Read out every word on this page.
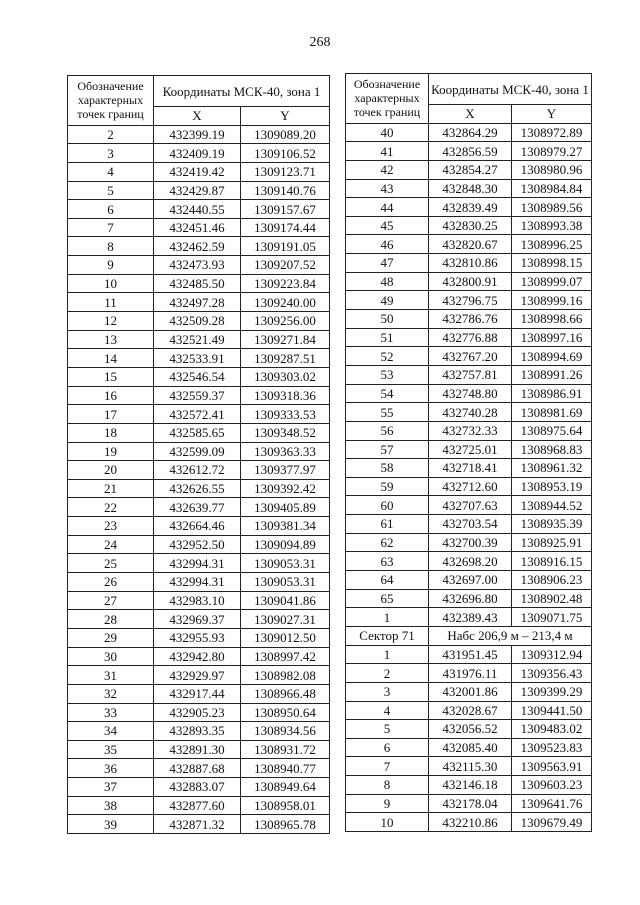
268
Обозначение характерных точек границ	Координаты МСК-40, зона 1	
	X	Y
2	432399.19	1309089.20
3	432409.19	1309106.52
4	432419.42	1309123.71
5	432429.87	1309140.76
6	432440.55	1309157.67
7	432451.46	1309174.44
8	432462.59	1309191.05
9	432473.93	1309207.52
10	432485.50	1309223.84
11	432497.28	1309240.00
12	432509.28	1309256.00
13	432521.49	1309271.84
14	432533.91	1309287.51
15	432546.54	1309303.02
16	432559.37	1309318.36
17	432572.41	1309333.53
18	432585.65	1309348.52
19	432599.09	1309363.33
20	432612.72	1309377.97
21	432626.55	1309392.42
22	432639.77	1309405.89
23	432664.46	1309381.34
24	432952.50	1309094.89
25	432994.31	1309053.31
26	432994.31	1309053.31
27	432983.10	1309041.86
28	432969.37	1309027.31
29	432955.93	1309012.50
30	432942.80	1308997.42
31	432929.97	1308982.08
32	432917.44	1308966.48
33	432905.23	1308950.64
34	432893.35	1308934.56
35	432891.30	1308931.72
36	432887.68	1308940.77
37	432883.07	1308949.64
38	432877.60	1308958.01
39	432871.32	1308965.78
Обозначение характерных точек границ	Координаты МСК-40, зона 1	
	X	Y
40	432864.29	1308972.89
41	432856.59	1308979.27
42	432854.27	1308980.96
43	432848.30	1308984.84
44	432839.49	1308989.56
45	432830.25	1308993.38
46	432820.67	1308996.25
47	432810.86	1308998.15
48	432800.91	1308999.07
49	432796.75	1308999.16
50	432786.76	1308998.66
51	432776.88	1308997.16
52	432767.20	1308994.69
53	432757.81	1308991.26
54	432748.80	1308986.91
55	432740.28	1308981.69
56	432732.33	1308975.64
57	432725.01	1308968.83
58	432718.41	1308961.32
59	432712.60	1308953.19
60	432707.63	1308944.52
61	432703.54	1308935.39
62	432700.39	1308925.91
63	432698.20	1308916.15
64	432697.00	1308906.23
65	432696.80	1308902.48
1	432389.43	1309071.75
Сектор 71	Набс 206,9 м – 213,4 м	
1	431951.45	1309312.94
2	431976.11	1309356.43
3	432001.86	1309399.29
4	432028.67	1309441.50
5	432056.52	1309483.02
6	432085.40	1309523.83
7	432115.30	1309563.91
8	432146.18	1309603.23
9	432178.04	1309641.76
10	432210.86	1309679.49
